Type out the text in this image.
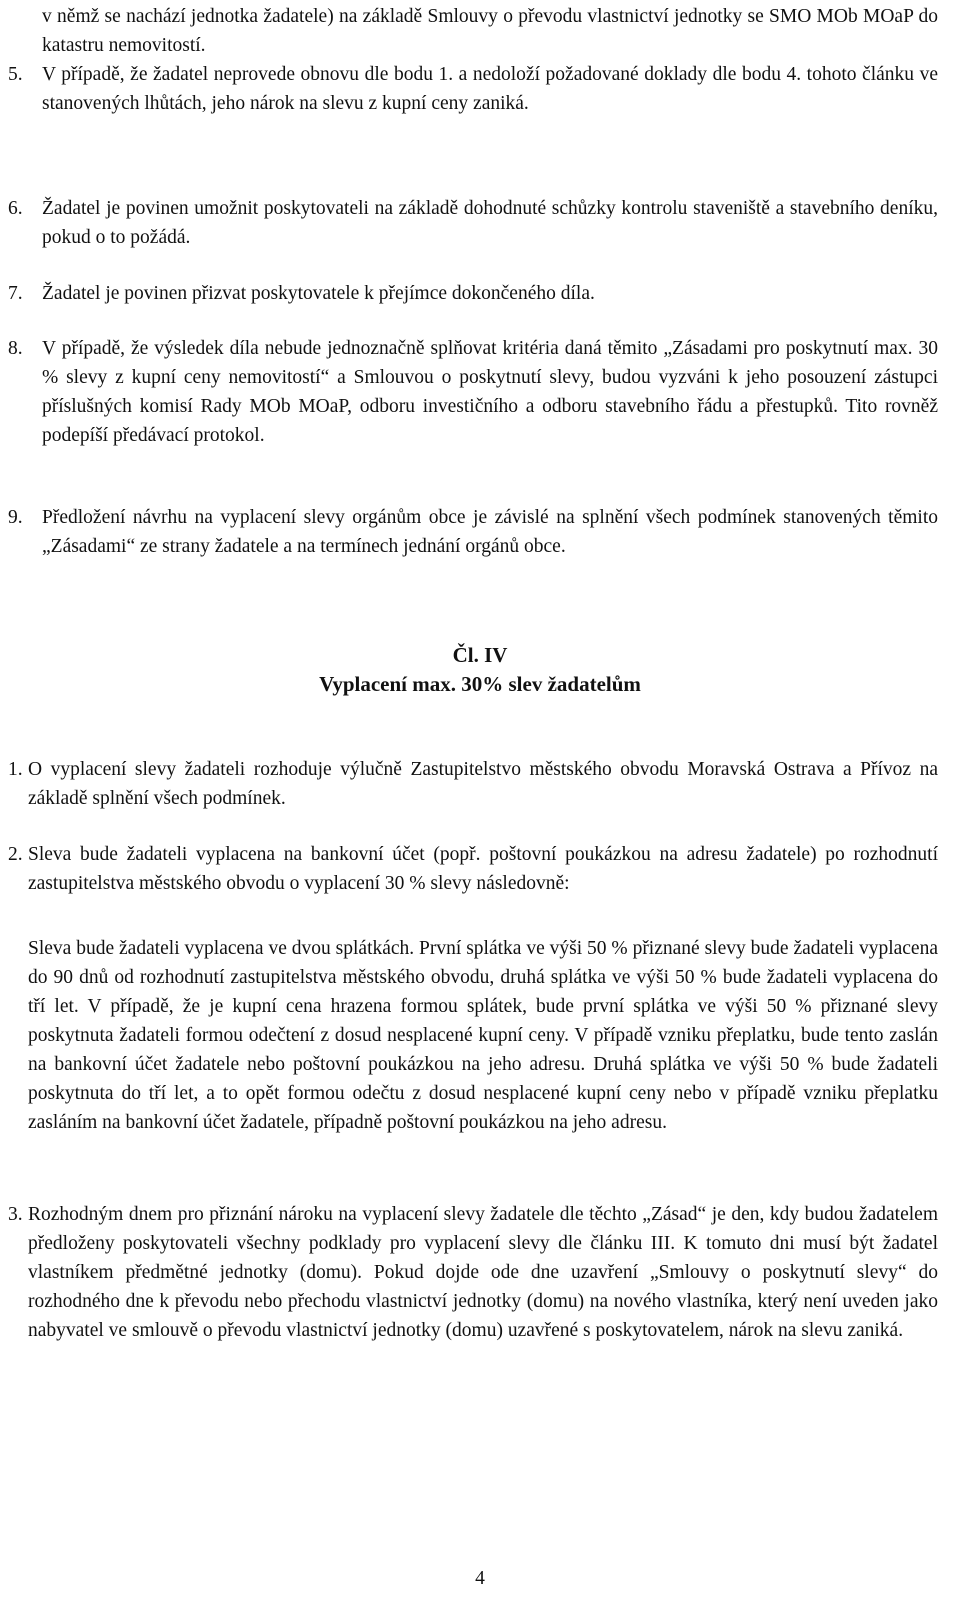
v němž se nachází jednotka žadatele) na základě Smlouvy o převodu vlastnictví jednotky se SMO MOb MOaP do katastru nemovitostí.
5. V případě, že žadatel neprovede obnovu dle bodu 1. a nedoloží požadované doklady dle bodu 4. tohoto článku ve stanovených lhůtách, jeho nárok na slevu z kupní ceny zaniká.
6. Žadatel je povinen umožnit poskytovateli na základě dohodnuté schůzky kontrolu staveniště a stavebního deníku, pokud o to požádá.
7. Žadatel je povinen přizvat poskytovatele k přejímce dokončeného díla.
8. V případě, že výsledek díla nebude jednoznačně splňovat kritéria daná těmito „Zásadami pro poskytnutí max. 30 % slevy z kupní ceny nemovitostí“ a Smlouvou o poskytnutí slevy, budou vyzváni k jeho posouzení zástupci příslušných komisí Rady MOb MOaP, odboru investičního a odboru stavebního řádu a přestupků. Tito rovněž podepíší předávací protokol.
9. Předložení návrhu na vyplacení slevy orgánům obce je závislé na splnění všech podmínek stanovených těmito „Zásadami“ ze strany žadatele a na termínech jednání orgánů obce.
Čl. IV
Vyplacení max. 30% slev žadatelům
1. O vyplacení slevy žadateli rozhoduje výlučně Zastupitelstvo městského obvodu Moravská Ostrava a Přívoz na základě splnění všech podmínek.
2. Sleva bude žadateli vyplacena na bankovní účet (popř. poštovní poukázkou na adresu žadatele) po rozhodnutí zastupitelstva městského obvodu o vyplacení 30 % slevy následovně:
Sleva bude žadateli vyplacena ve dvou splátkách. První splátka ve výši 50 % přiznané slevy bude žadateli vyplacena do 90 dnů od rozhodnutí zastupitelstva městského obvodu, druhá splátka ve výši 50 % bude žadateli vyplacena do tří let. V případě, že je kupní cena hrazena formou splátek, bude první splátka ve výši 50 % přiznané slevy poskytnuta žadateli formou odečtení z dosud nesplacené kupní ceny. V případě vzniku přeplatku, bude tento zaslán na bankovní účet žadatele nebo poštovní poukázkou na jeho adresu. Druhá splátka ve výši 50 % bude žadateli poskytnuta do tří let, a to opět formou odečtu z dosud nesplacené kupní ceny nebo v případě vzniku přeplatku zasláním na bankovní účet žadatele, případně poštovní poukázkou na jeho adresu.
3. Rozhodným dnem pro přiznání nároku na vyplacení slevy žadatele dle těchto „Zásad“ je den, kdy budou žadatelem předloženy poskytovateli všechny podklady pro vyplacení slevy dle článku III. K tomuto dni musí být žadatel vlastníkem předmětné jednotky (domu). Pokud dojde ode dne uzavření „Smlouvy o poskytnutí slevy“ do rozhodného dne k převodu nebo přechodu vlastnictví jednotky (domu) na nového vlastníka, který není uveden jako nabyvatel ve smlouvě o převodu vlastnictví jednotky (domu) uzavřené s poskytovatelem, nárok na slevu zaniká.
4
